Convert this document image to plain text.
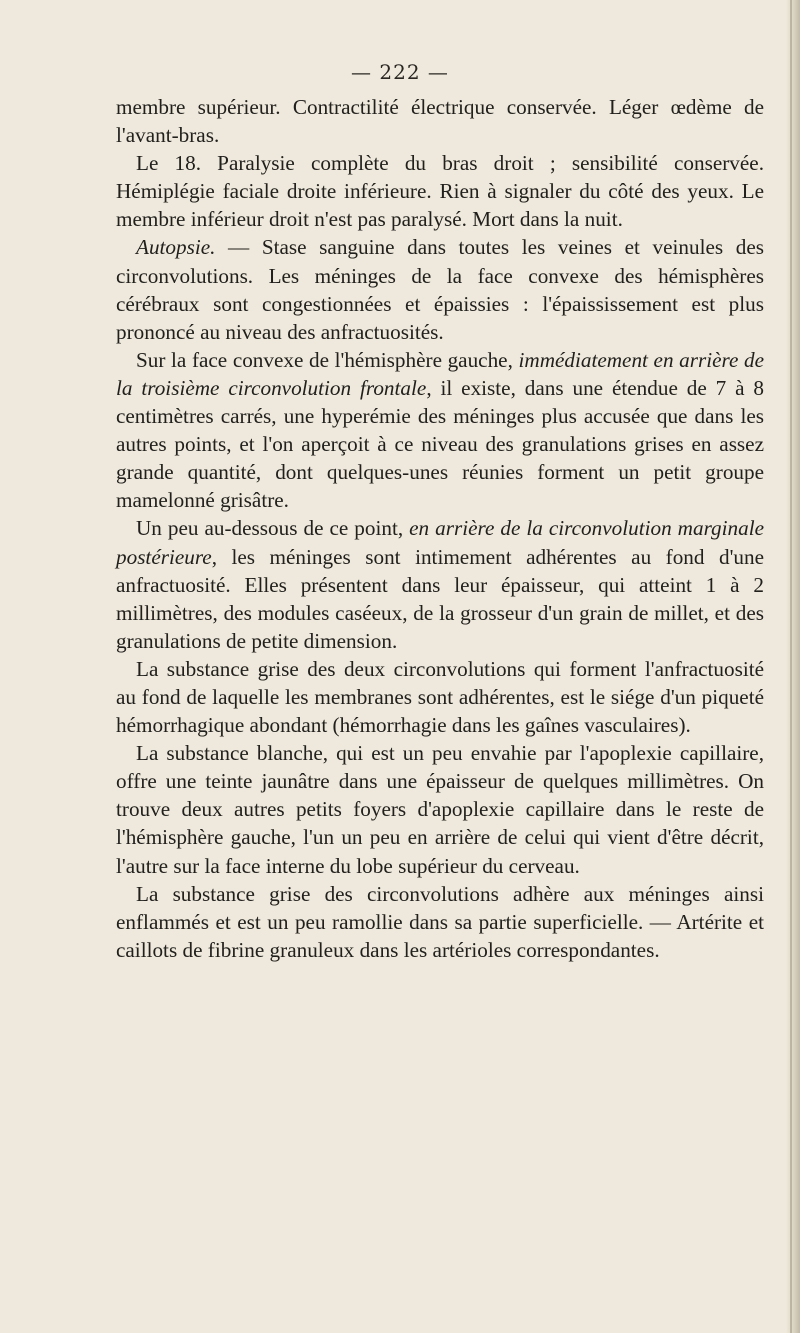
— 222 —

membre supérieur. Contractilité électrique conservée. Léger œdème de l'avant-bras.

Le 18. Paralysie complète du bras droit ; sensibilité conservée. Hémiplégie faciale droite inférieure. Rien à signaler du côté des yeux. Le membre inférieur droit n'est pas paralysé. Mort dans la nuit.

Autopsie. — Stase sanguine dans toutes les veines et veinules des circonvolutions. Les méninges de la face convexe des hémisphères cérébraux sont congestionnées et épaissies : l'épaississement est plus prononcé au niveau des anfractuosités.

Sur la face convexe de l'hémisphère gauche, immédiatement en arrière de la troisième circonvolution frontale, il existe, dans une étendue de 7 à 8 centimètres carrés, une hyperémie des méninges plus accusée que dans les autres points, et l'on aperçoit à ce niveau des granulations grises en assez grande quantité, dont quelques-unes réunies forment un petit groupe mamelonné grisâtre.

Un peu au-dessous de ce point, en arrière de la circonvolution marginale postérieure, les méninges sont intimement adhérentes au fond d'une anfractuosité. Elles présentent dans leur épaisseur, qui atteint 1 à 2 millimètres, des modules caséeux, de la grosseur d'un grain de millet, et des granulations de petite dimension.

La substance grise des deux circonvolutions qui forment l'anfractuosité au fond de laquelle les membranes sont adhérentes, est le siége d'un piqueté hémorrhagique abondant (hémorrhagie dans les gaînes vasculaires).

La substance blanche, qui est un peu envahie par l'apoplexie capillaire, offre une teinte jaunâtre dans une épaisseur de quelques millimètres. On trouve deux autres petits foyers d'apoplexie capillaire dans le reste de l'hémisphère gauche, l'un un peu en arrière de celui qui vient d'être décrit, l'autre sur la face interne du lobe supérieur du cerveau.

La substance grise des circonvolutions adhère aux méninges ainsi enflammés et est un peu ramollie dans sa partie superficielle. — Artérite et caillots de fibrine granuleux dans les artérioles correspondantes.
